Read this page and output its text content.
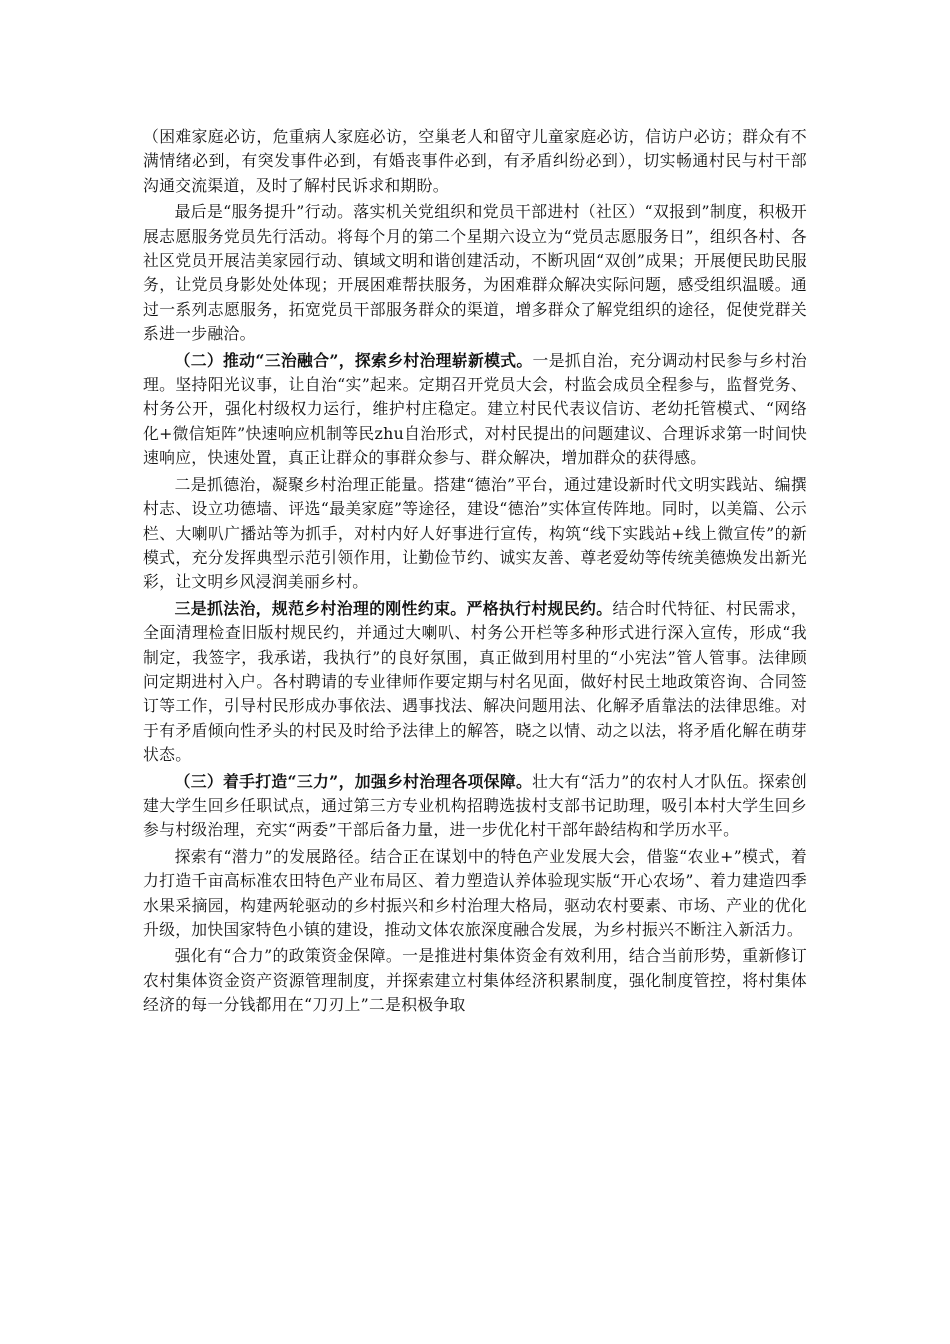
（困难家庭必访，危重病人家庭必访，空巢老人和留守儿童家庭必访，信访户必访；群众有不满情绪必到，有突发事件必到，有婚丧事件必到，有矛盾纠纷必到），切实畅通村民与村干部沟通交流渠道，及时了解村民诉求和期盼。

最后是“服务提升”行动。落实机关党组织和党员干部进村（社区）“双报到”制度，积极开展志愿服务党员先行活动。将每个月的第二个星期六设立为“党员志愿服务日”，组织各村、各社区党员开展洁美家园行动、镇域文明和谐创建活动，不断巩固“双创”成果；开展便民助民服务，让党员身影处处体现；开展困难帮扶服务，为困难群众解决实际问题，感受组织温暖。通过一系列志愿服务，拓宽党员干部服务群众的渠道，增多群众了解党组织的途径，促使党群关系进一步融洽。

（二）推动“三治融合”，探索乡村治理崭新模式。一是抓自治，充分调动村民参与乡村治理。坚持阳光议事，让自治“实”起来。定期召开党员大会，村监会成员全程参与，监督党务、村务公开，强化村级权力运行，维护村庄稳定。建立村民代表议信访、老幼托管模式、“网络化+微信矩阵”快速响应机制等民zhu自治形式，对村民提出的问题建议、合理诉求第一时间快速响应，快速处置，真正让群众的事群众参与、群众解决，增加群众的获得感。

二是抓德治，凝聚乡村治理正能量。搭建“德治”平台，通过建设新时代文明实践站、编撰村志、设立功德墙、评选“最美家庭”等途径，建设“德治”实体宣传阵地。同时，以美篇、公示栏、大喇叭广播站等为抓手，对村内好人好事进行宣传，构筑“线下实践站+线上微宣传”的新模式，充分发挥典型示范引领作用，让勤俭节约、诚实友善、尊老爱幼等传统美德焕发出新光彩，让文明乡风浸润美丽乡村。

三是抓法治，规范乡村治理的刚性约束。严格执行村规民约。结合时代特征、村民需求，全面清理检查旧版村规民约，并通过大喇叭、村务公开栏等多种形式进行深入宣传，形成“我制定，我签字，我承诺，我执行”的良好氛围，真正做到用村里的“小宪法”管人管事。法律顾问定期进村入户。各村聘请的专业律师作要定期与村名见面，做好村民土地政策咨询、合同签订等工作，引导村民形成办事依法、遇事找法、解决问题用法、化解矛盾靠法的法律思维。对于有矛盾倾向性矛头的村民及时给予法律上的解答，晓之以情、动之以法，将矛盾化解在萌芽状态。

（三）着手打造“三力”，加强乡村治理各项保障。壮大有“活力”的农村人才队伍。探索创建大学生回乡任职试点，通过第三方专业机构招聘选拔村支部书记助理，吸引本村大学生回乡参与村级治理，充实“两委”干部后备力量，进一步优化村干部年龄结构和学历水平。

探索有“潜力”的发展路径。结合正在谋划中的特色产业发展大会，借鉴“农业+”模式，着力打造千亩高标准农田特色产业布局区、着力塑造认养体验现实版“开心农场”、着力建造四季水果采摘园，构建两轮驱动的乡村振兴和乡村治理大格局，驱动农村要素、市场、产业的优化升级，加快国家特色小镇的建设，推动文体农旅深度融合发展，为乡村振兴不断注入新活力。

强化有“合力”的政策资金保障。一是推进村集体资金有效利用，结合当前形势，重新修订农村集体资金资产资源管理制度，并探索建立村集体经济积累制度，强化制度管控，将村集体经济的每一分钱都用在“刀刃上”二是积极争取
